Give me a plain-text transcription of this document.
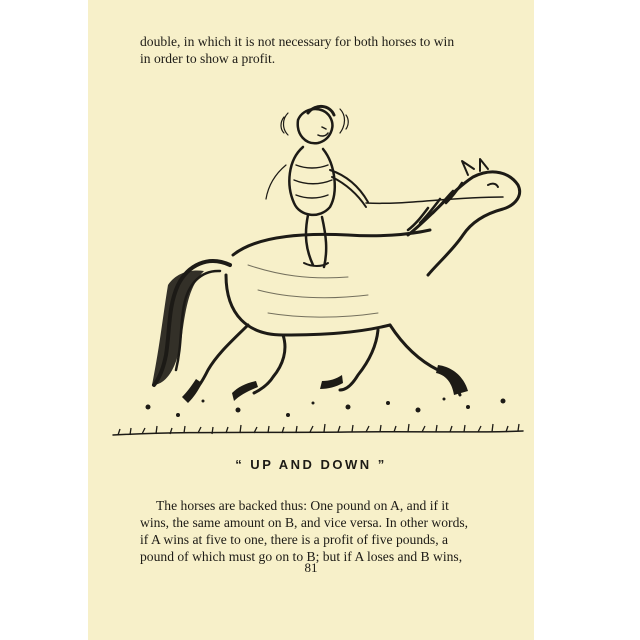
double, in which it is not necessary for both horses to win
in order to show a profit.
“ UP AND DOWN ”
The horses are backed thus: One pound on A, and if it
wins, the same amount on B, and vice versa. In other words,
if A wins at five to one, there is a profit of five pounds, a
pound of which must go on to B; but if A loses and B wins,
81
